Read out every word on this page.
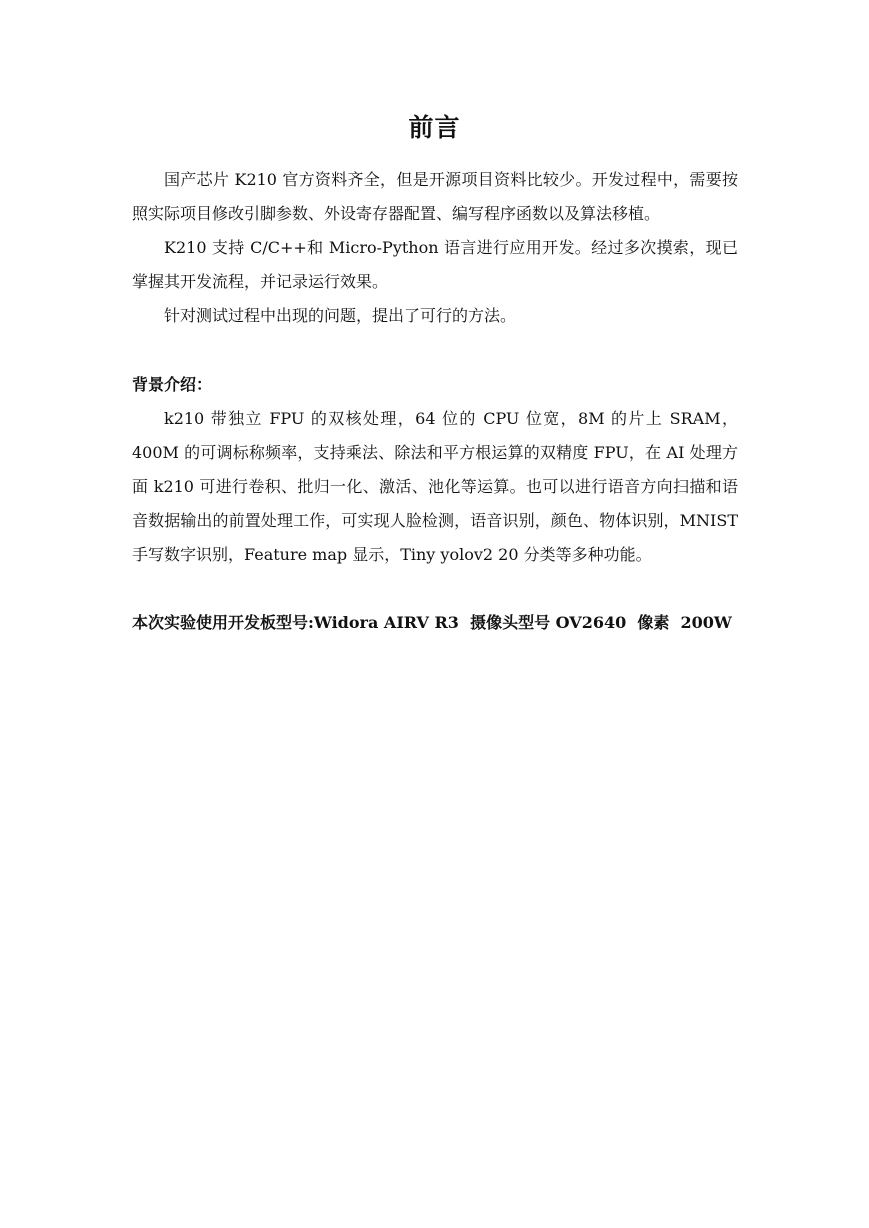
前言

国产芯片 K210 官方资料齐全，但是开源项目资料比较少。开发过程中，需要按照实际项目修改引脚参数、外设寄存器配置、编写程序函数以及算法移植。

K210 支持 C/C++和 Micro-Python 语言进行应用开发。经过多次摸索，现已掌握其开发流程，并记录运行效果。

针对测试过程中出现的问题，提出了可行的方法。

背景介绍：

k210 带独立 FPU 的双核处理，64 位的 CPU 位宽，8M 的片上 SRAM，400M 的可调标称频率，支持乘法、除法和平方根运算的双精度 FPU，在 AI 处理方面 k210 可进行卷积、批归一化、激活、池化等运算。也可以进行语音方向扫描和语音数据输出的前置处理工作，可实现人脸检测，语音识别，颜色、物体识别，MNIST 手写数字识别，Feature map 显示，Tiny yolov2 20 分类等多种功能。

本次实验使用开发板型号:Widora AIRV R3  摄像头型号 OV2640  像素  200W
